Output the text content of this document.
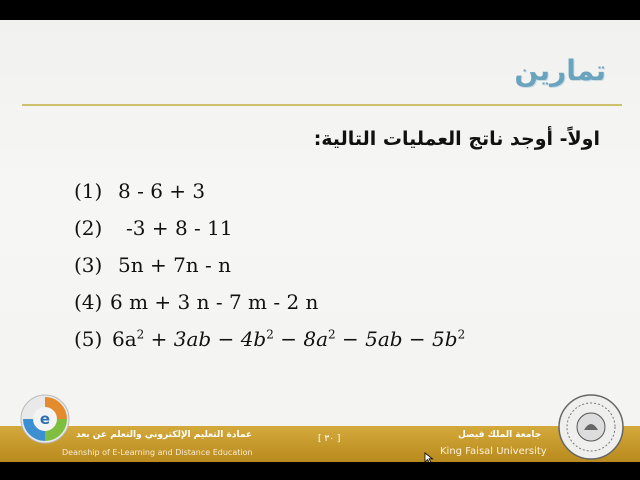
تمارين
اولاً- أوجد ناتج العمليات التالية:
(1) 8 - 6 + 3
(2)	-3 + 8 - 11
(3) 5n + 7n - n
(4) 6 m + 3 n - 7 m - 2 n
(5) $6a^2 + 3ab - 4b^2 - 8a^2 - 5ab - 5b^2$
عمادة التعليم الإلكتروني والتعلم عن بعد
Deanship of E-Learning and Distance Education
[ ٣٠ ]	جامعة الملك فيصل
King Faisal University
e
